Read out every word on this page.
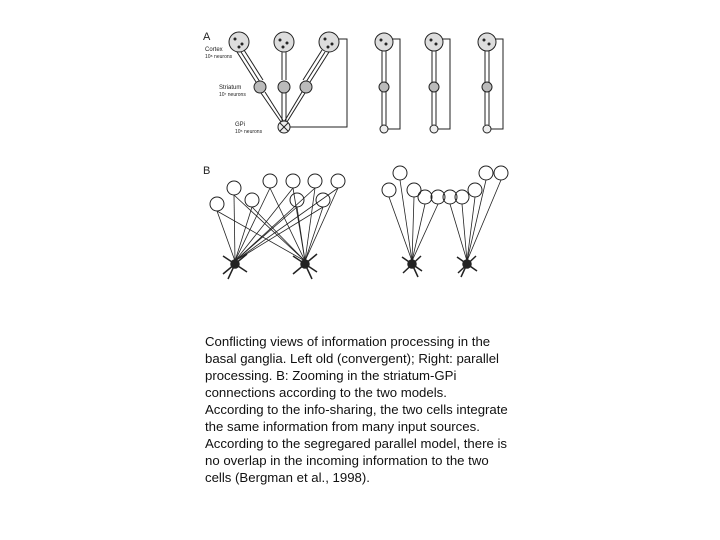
A
Cortex
10⁸ neurons
Striatum
10⁷ neurons
GPi
10⁵ neurons
B

Conflicting views of information processing in the
basal ganglia. Left old (convergent); Right: parallel
processing. B: Zooming in the striatum-GPi
connections according to the two models.
According to the info-sharing, the two cells integrate
the same information from many input sources.
According to the segregared parallel model, there is
no overlap in the incoming information to the two
cells (Bergman et al., 1998).
